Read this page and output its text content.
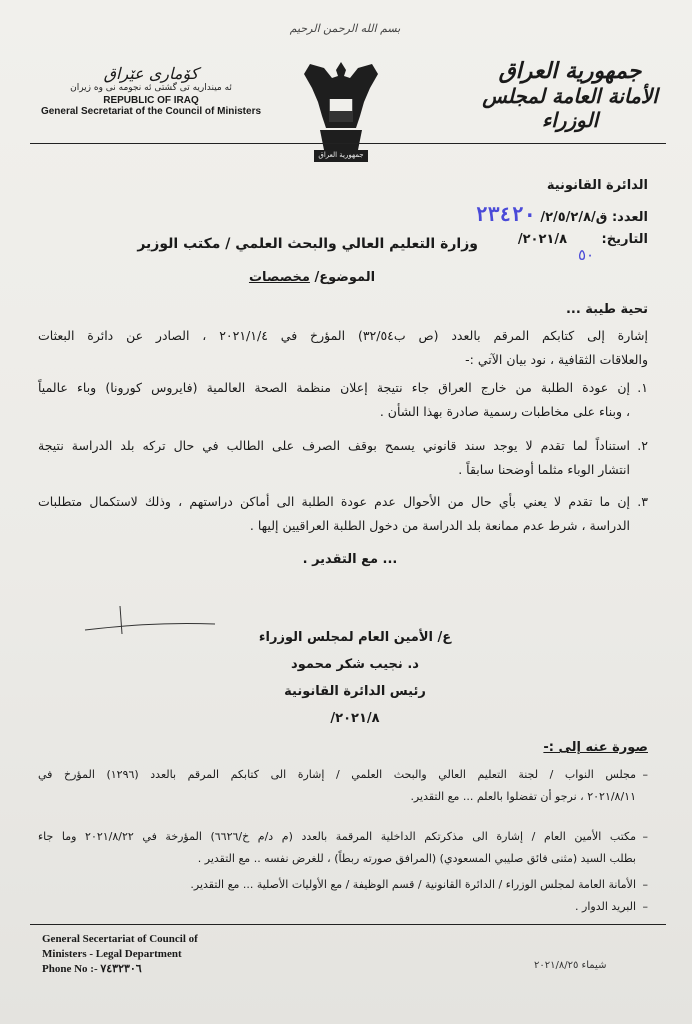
بسم الله الرحمن الرحيم
كۆماری عێراق
ئه مینداریه تی گشتی ئه نجومه نی وه زیران
REPUBLIC OF IRAQ
General Secretariat of the Council of Ministers
جمهورية العراق
جمهورية العراق
الأمانة العامة لمجلس الوزراء
الدائرة القانونية
العدد: ق/٢/٥/٢/٨/ ٢٣٤٢٠
التاريخ: ٢٠٢١/٨/
٥٠
وزارة التعليم العالي والبحث العلمي / مكتب الوزير
الموضوع/ مخصصات
تحية طيبة ...
إشارة إلى كتابكم المرقم بالعدد (ص ب٣٢/٥٤) المؤرخ في ٢٠٢١/١/٤ ، الصادر عن دائرة البعثات
والعلاقات الثقافية ، نود بيان الآتي :-
١.
إن عودة الطلبة من خارج العراق جاء نتيجة إعلان منظمة الصحة العالمية (فايروس كورونا) وباء عالمياً
، وبناء على مخاطبات رسمية صادرة بهذا الشأن .
٢.
استناداً لما تقدم لا يوجد سند قانوني يسمح بوقف الصرف على الطالب في حال تركه بلد الدراسة نتيجة
انتشار الوباء مثلما أوضحنا سابقاً .
٣.
إن ما تقدم لا يعني بأي حال من الأحوال عدم عودة الطلبة الى أماكن دراستهم ، وذلك لاستكمال متطلبات
الدراسة ، شرط عدم ممانعة بلد الدراسة من دخول الطلبة العراقيين إليها .
... مع التقدير .
ع/ الأمين العام لمجلس الوزراء
د. نجيب شكر محمود
رئيس الدائرة القانونية
٢٠٢١/٨/
صورة عنه إلى :-
–
مجلس النواب / لجنة التعليم العالي والبحث العلمي / إشارة الى كتابكم المرقم بالعدد (١٢٩٦) المؤرخ في
٢٠٢١/٨/١١ ، نرجو أن تفضلوا بالعلم ... مع التقدير.
–
مكتب الأمين العام / إشارة الى مذكرتكم الداخلية المرقمة بالعدد (م د/م خ/٦٦٢٦) المؤرخة في ٢٠٢١/٨/٢٢ وما جاء
بطلب السيد (مثنى فائق صليبي المسعودي) (المرافق صورته ربطاً) ، للغرض نفسه .. مع التقدير .
–
الأمانة العامة لمجلس الوزراء / الدائرة القانونية / قسم الوظيفة / مع الأوليات الأصلية ... مع التقدير.
–
البريد الدوار .
General Secertariat of Council of
Ministers - Legal Department
Phone No :- ٧٤٣٢٣٠٦	شيماء ٢٠٢١/٨/٢٥
